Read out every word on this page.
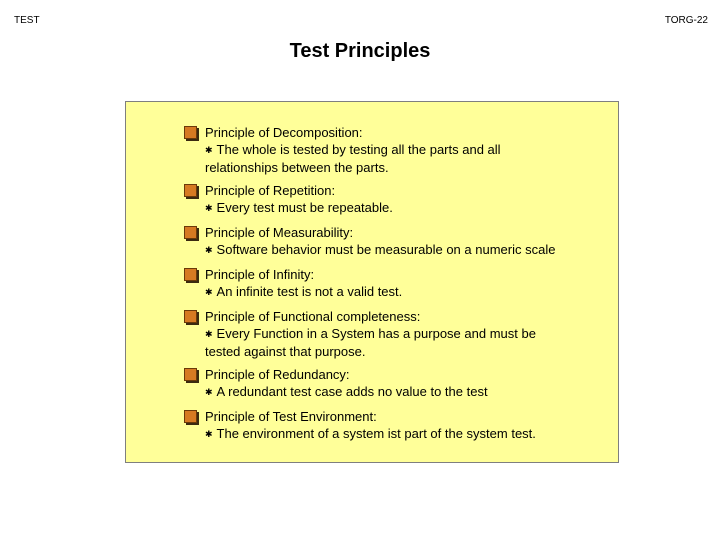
TEST	TORG-22
Test Principles
Principle of Decomposition:
✱ The whole is tested by testing all the parts and all
relationships between the parts.
Principle of Repetition:
✱ Every test must be repeatable.
Principle of Measurability:
✱ Software behavior must be measurable on a numeric scale
Principle of Infinity:
✱ An infinite test is not a valid test.
Principle of Functional completeness:
✱ Every Function in a System has a purpose and must be
tested against that purpose.
Principle of Redundancy:
✱ A redundant test case adds no value to the test
Principle of Test Environment:
✱ The environment of a system ist part of the system test.
